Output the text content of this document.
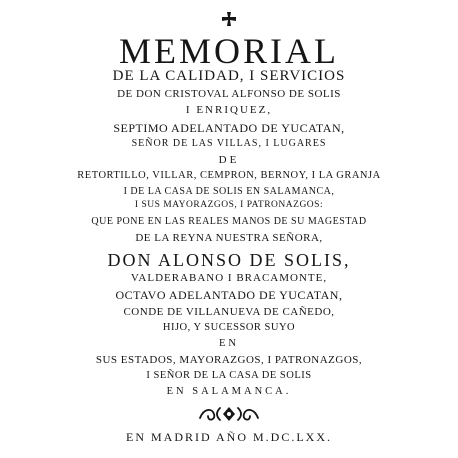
MEMORIAL
DE LA CALIDAD, I SERVICIOS
DE DON CRISTOVAL ALFONSO DE SOLIS
I ENRIQUEZ,
SEPTIMO ADELANTADO DE YUCATAN,
SEÑOR DE LAS VILLAS, I LUGARES
DE
RETORTILLO, VILLAR, CEMPRON, BERNOY, I LA GRANJA
I DE LA CASA DE SOLIS EN SALAMANCA,
I SUS MAYORAZGOS, I PATRONAZGOS:
QUE PONE EN LAS REALES MANOS DE SU MAGESTAD
DE LA REYNA NUESTRA SEÑORA,
DON ALONSO DE SOLIS,
VALDERABANO I BRACAMONTE,
OCTAVO ADELANTADO DE YUCATAN,
CONDE DE VILLANUEVA DE CAÑEDO,
HIJO, Y SUCESSOR SUYO
EN
SUS ESTADOS, MAYORAZGOS, I PATRONAZGOS,
I SEÑOR DE LA CASA DE SOLIS
EN SALAMANCA.
EN MADRID AÑO M.DC.LXX.
